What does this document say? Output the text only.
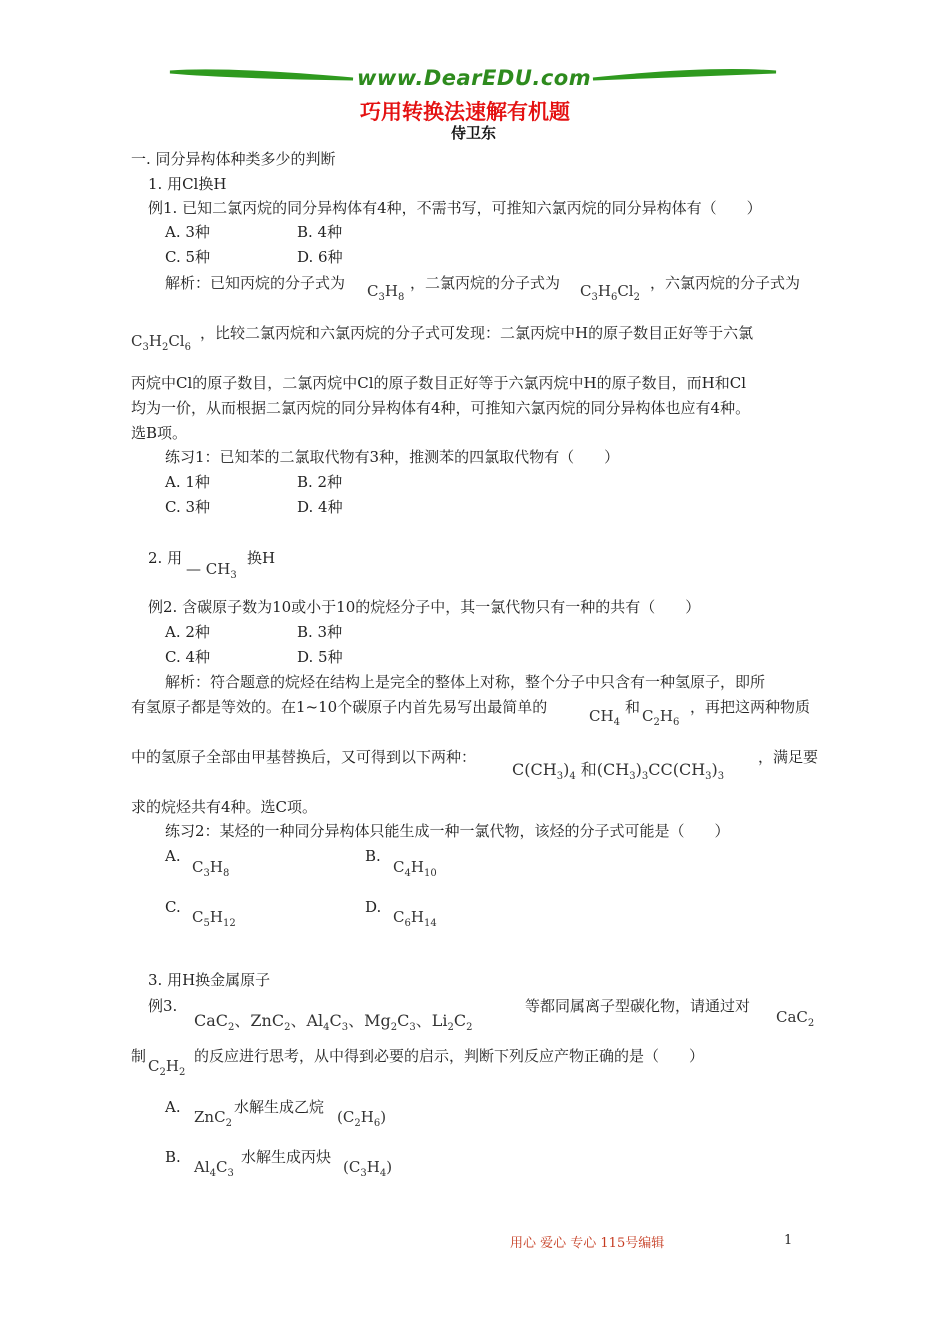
www.DearEDU.com
巧用转换法速解有机题
侍卫东
一. 同分异构体种类多少的判断
1. 用Cl换H
例1. 已知二氯丙烷的同分异构体有4种，不需书写，可推知六氯丙烷的同分异构体有（　　）
A. 3种	B. 4种
C. 5种	D. 6种
解析：已知丙烷的分子式为 $C_3H_8$
，二氯丙烷的分子式为 $C_3H_6Cl_2$
，六氯丙烷的分子式为
$C_3H_2Cl_6$
，比较二氯丙烷和六氯丙烷的分子式可发现：二氯丙烷中H的原子数目正好等于六氯
丙烷中Cl的原子数目，二氯丙烷中Cl的原子数目正好等于六氯丙烷中H的原子数目，而H和Cl
均为一价，从而根据二氯丙烷的同分异构体有4种，可推知六氯丙烷的同分异构体也应有4种。
选B项。
练习1：已知苯的二氯取代物有3种，推测苯的四氯取代物有（　　）
A. 1种	B. 2种
C. 3种	D. 4种
2. 用
— $CH_3$
换H
例2. 含碳原子数为10或小于10的烷烃分子中，其一氯代物只有一种的共有（　　）
A. 2种	B. 3种
C. 4种	D. 5种
解析：符合题意的烷烃在结构上是完全的整体上对称，整个分子中只含有一种氢原子，即所
有氢原子都是等效的。在1~10个碳原子内首先易写出最简单的	$CH_4$
和 $C_2H_6$
，再把这两种物质
中的氢原子全部由甲基替换后，又可得到以下两种：
$C(CH_3)_4$ 和$(CH_3)_3CC(CH_3)_3$
，满足要
求的烷烃共有4种。选C项。
练习2：某烃的一种同分异构体只能生成一种一氯代物，该烃的分子式可能是（　　）
A.
$C_3H_8$
B.
$C_4H_{10}$
C.
$C_5H_{12}$
D.
$C_6H_{14}$
3. 用H换金属原子
例3.
CaC$_2$、ZnC$_2$、$Al_4C_3$、$Mg_2C_3$、$Li_2C_2$
等都同属离子型碳化物，请通过对
CaC$_2$
制
$C_2H_2$
的反应进行思考，从中得到必要的启示，判断下列反应产物正确的是（　　）
A.
ZnC$_2$
水解生成乙烷
$(C_2H_6)$
B.
$Al_4C_3$
水解生成丙炔
$(C_3H_4)$
用心 爱心 专心 115号编辑	1
